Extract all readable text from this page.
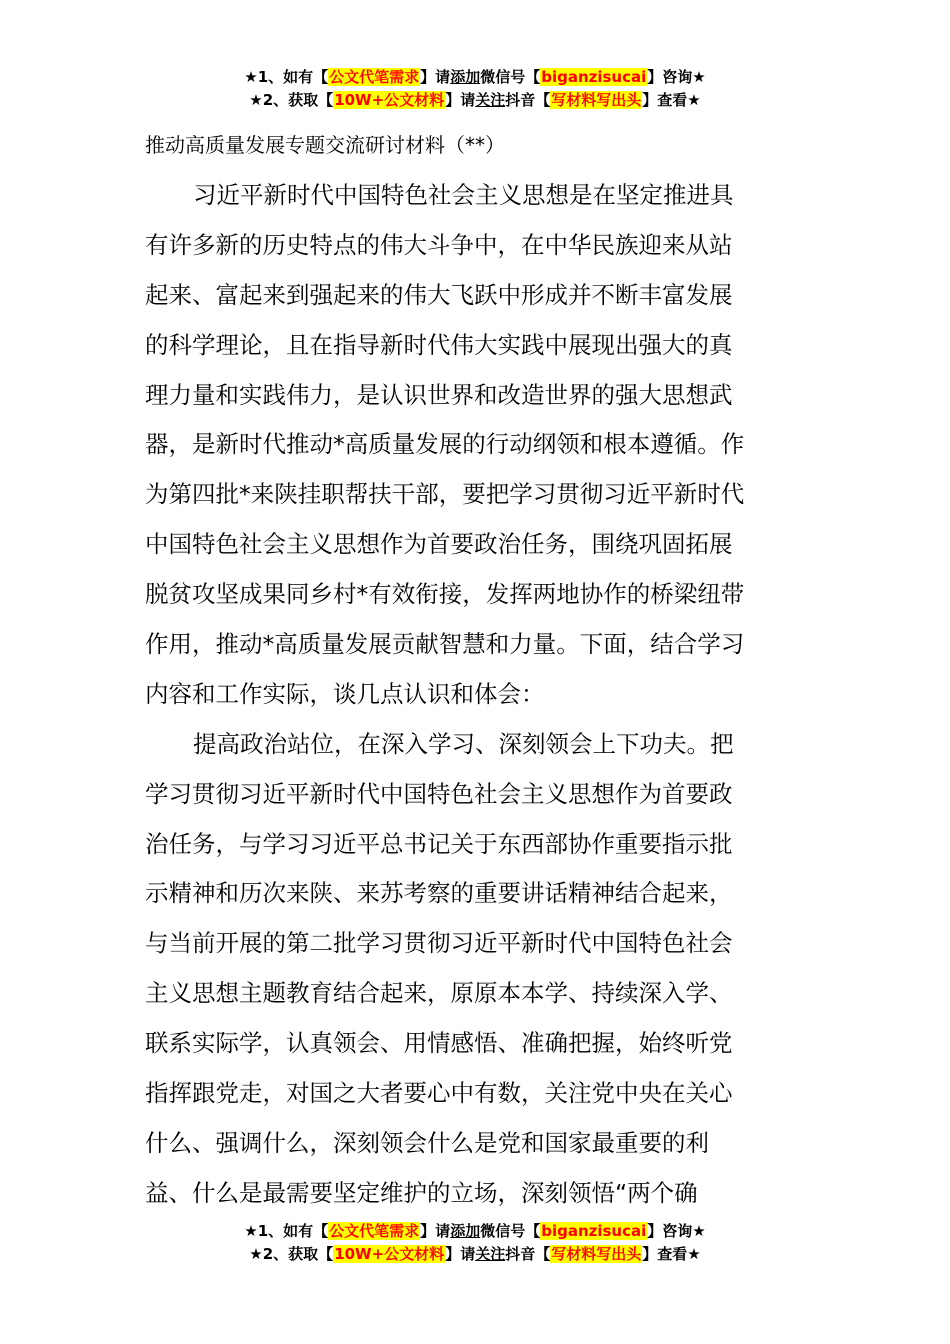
★1、如有【公文代笔需求】请添加微信号【biganzisucai】咨询★
★2、获取【10W+公文材料】请关注抖音【写材料写出头】查看★
推动高质量发展专题交流研讨材料（**）
习近平新时代中国特色社会主义思想是在坚定推进具
有许多新的历史特点的伟大斗争中，在中华民族迎来从站
起来、富起来到强起来的伟大飞跃中形成并不断丰富发展
的科学理论，且在指导新时代伟大实践中展现出强大的真
理力量和实践伟力，是认识世界和改造世界的强大思想武
器，是新时代推动*高质量发展的行动纲领和根本遵循。作
为第四批*来陕挂职帮扶干部，要把学习贯彻习近平新时代
中国特色社会主义思想作为首要政治任务，围绕巩固拓展
脱贫攻坚成果同乡村*有效衔接，发挥两地协作的桥梁纽带
作用，推动*高质量发展贡献智慧和力量。下面，结合学习
内容和工作实际，谈几点认识和体会：
提高政治站位，在深入学习、深刻领会上下功夫。把
学习贯彻习近平新时代中国特色社会主义思想作为首要政
治任务，与学习习近平总书记关于东西部协作重要指示批
示精神和历次来陕、来苏考察的重要讲话精神结合起来，
与当前开展的第二批学习贯彻习近平新时代中国特色社会
主义思想主题教育结合起来，原原本本学、持续深入学、
联系实际学，认真领会、用情感悟、准确把握，始终听党
指挥跟党走，对国之大者要心中有数，关注党中央在关心
什么、强调什么，深刻领会什么是党和国家最重要的利
益、什么是最需要坚定维护的立场，深刻领悟“两个确
★1、如有【公文代笔需求】请添加微信号【biganzisucai】咨询★
★2、获取【10W+公文材料】请关注抖音【写材料写出头】查看★
